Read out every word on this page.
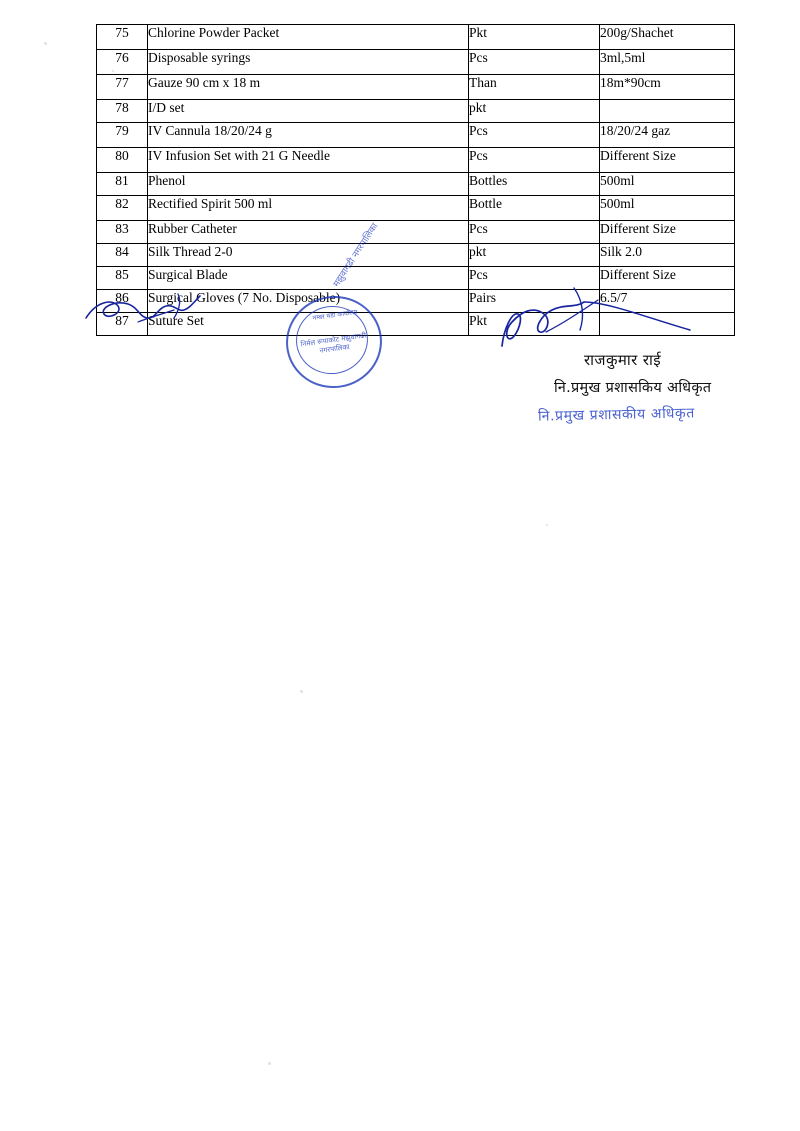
75	Chlorine Powder Packet	Pkt	200g/Shachet
76	Disposable syrings	Pcs	3ml,5ml
77	Gauze 90 cm x 18 m	Than	18m*90cm
78	I/D set	pkt	
79	IV Cannula 18/20/24 g	Pcs	18/20/24 gaz
80	IV Infusion Set with 21 G Needle	Pcs	Different Size
81	Phenol	Bottles	500ml
82	Rectified Spirit 500 ml	Bottle	500ml
83	Rubber Catheter	Pcs	Different Size
84	Silk Thread 2-0	pkt	Silk 2.0
85	Surgical Blade	Pcs	Different Size
86	Surgical Gloves (7 No. Disposable)	Pairs	6.5/7
87	Suture Set	Pkt	
नम्बर वडा कार्यालय
निर्मल रूपाकोट मझुवागढी नगरपालिका
मझुवागढी नगरपालिका
राजकुमार राई
नि.प्रमुख प्रशासकिय अधिकृत
नि.प्रमुख प्रशासकीय अधिकृत
